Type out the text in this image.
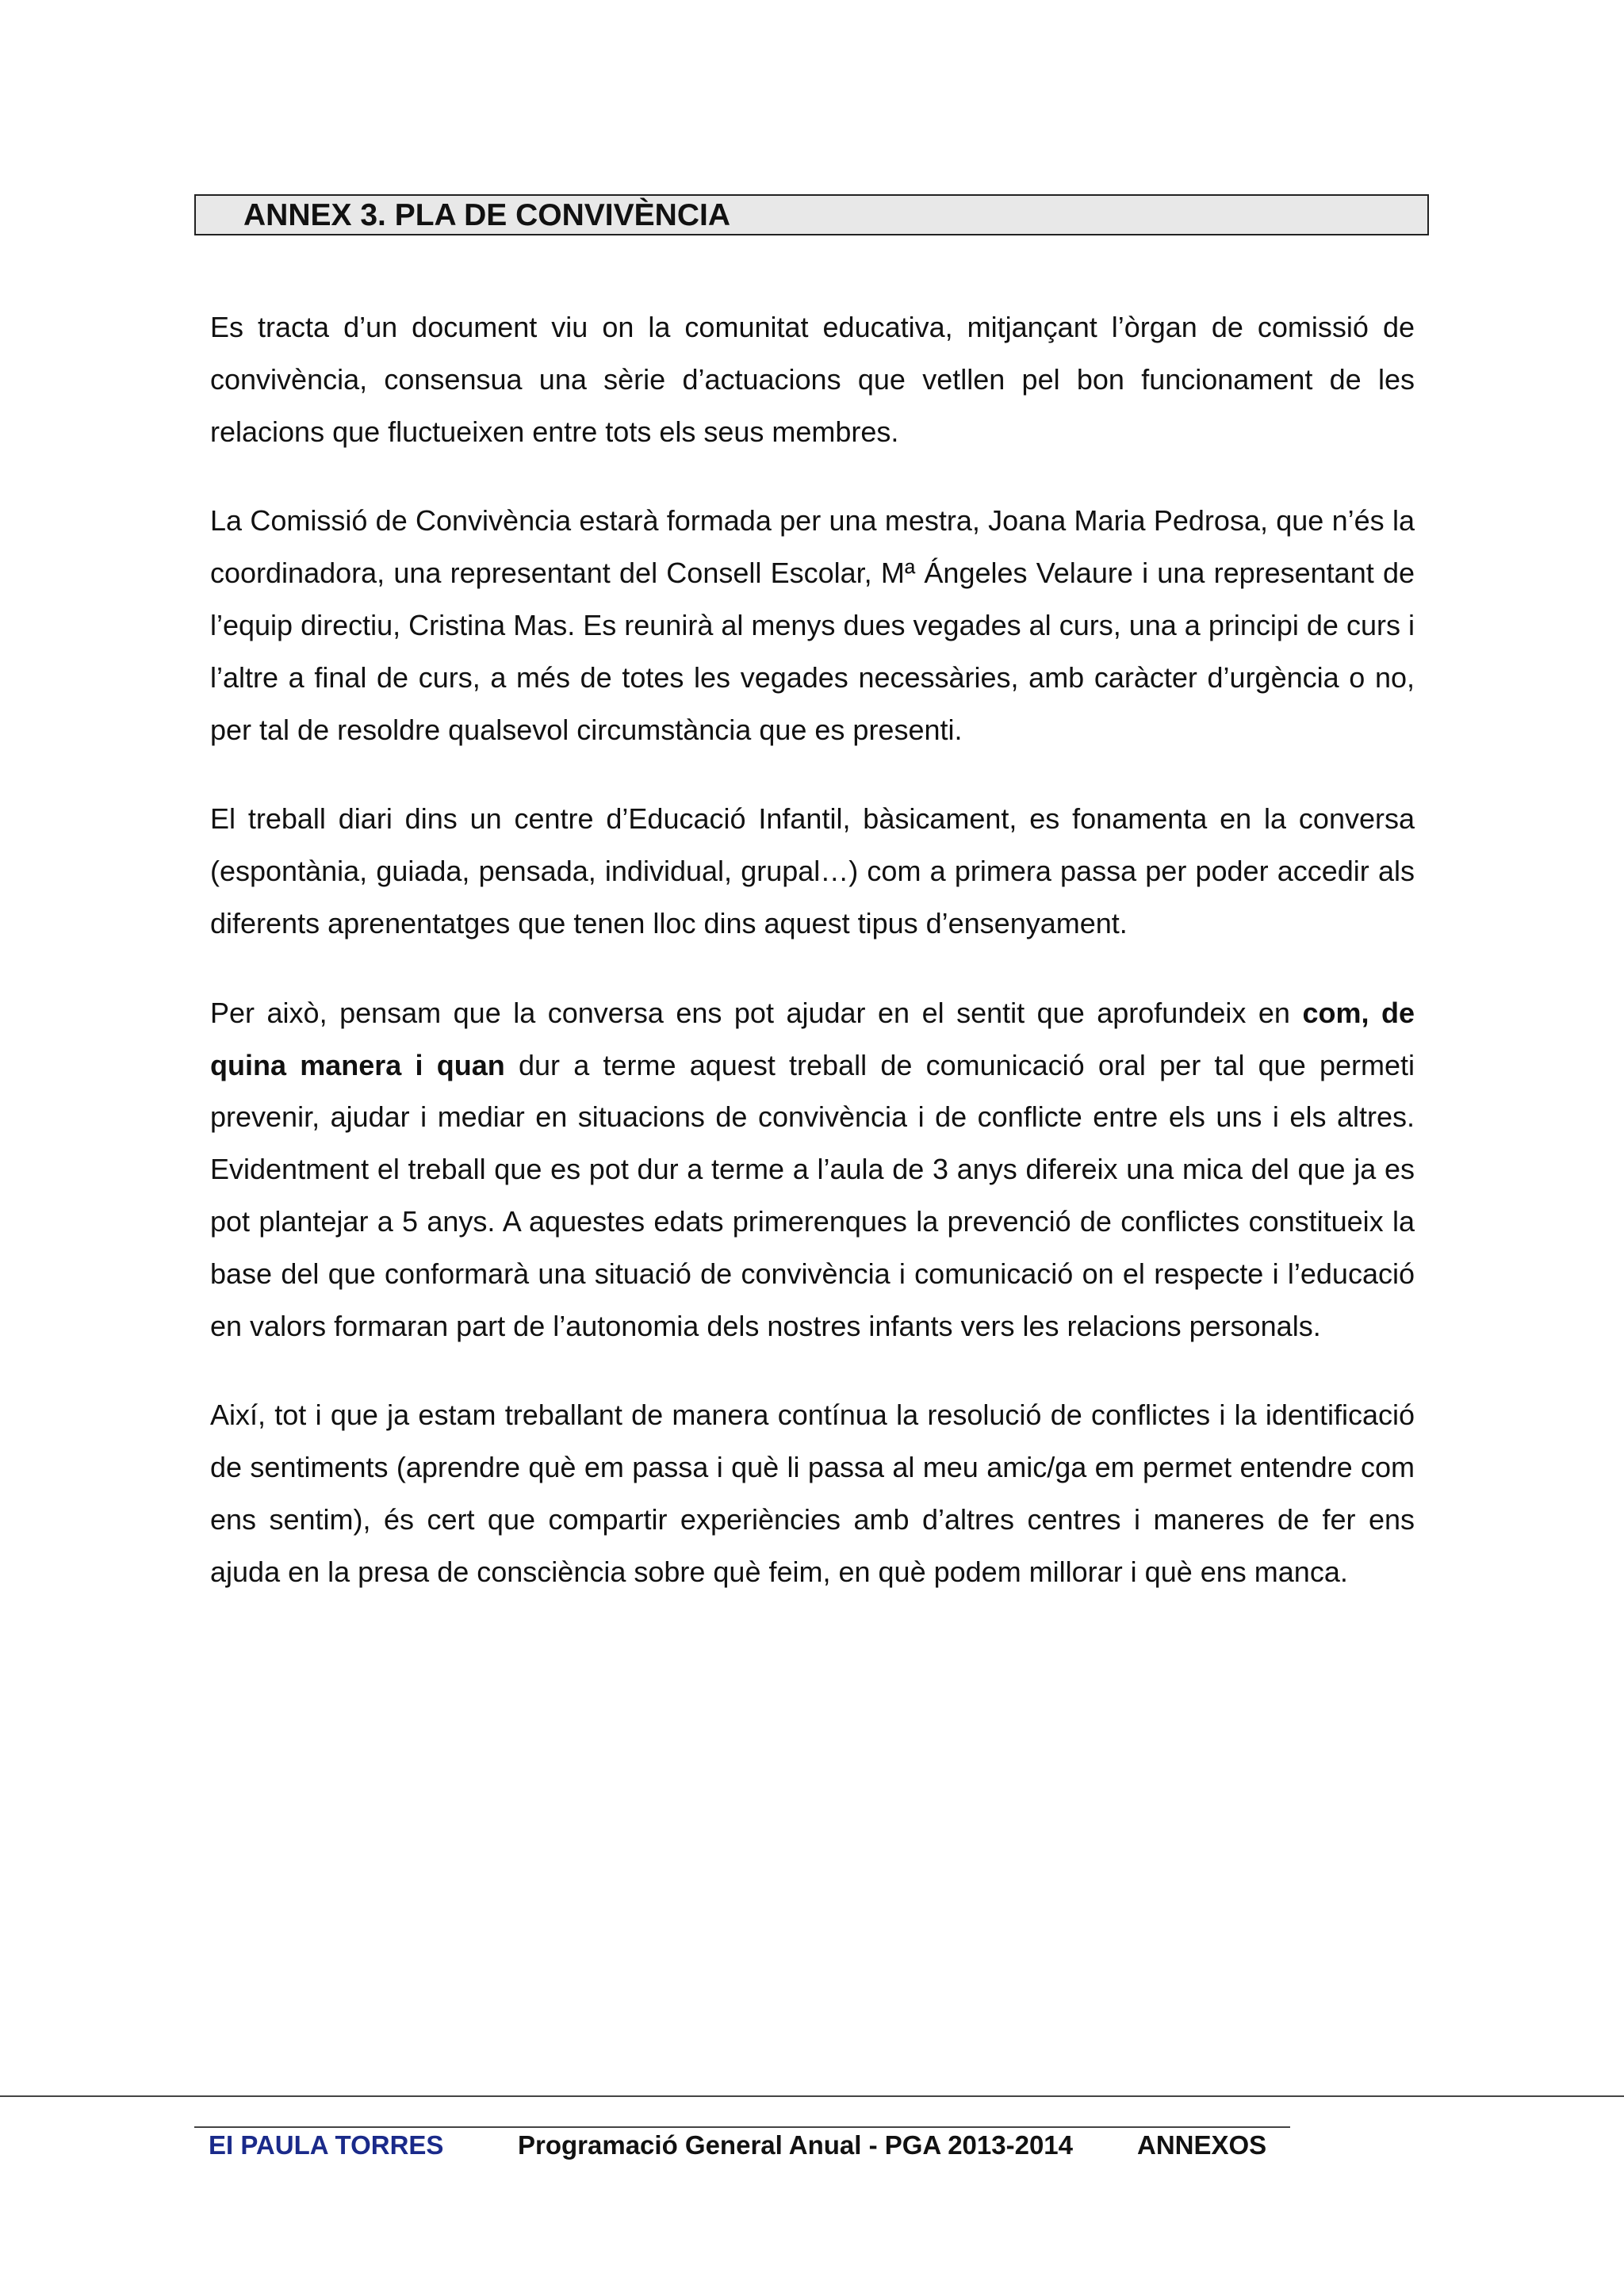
ANNEX 3. PLA DE CONVIVÈNCIA

Es tracta d’un document viu on la comunitat educativa, mitjançant l’òrgan de comissió de convivència, consensua una sèrie d’actuacions que vetllen pel bon funcionament de les relacions que fluctueixen entre tots els seus membres.

La Comissió de Convivència estarà formada per una mestra, Joana Maria Pedrosa, que n’és la coordinadora, una representant del Consell Escolar, Mª Ángeles Velaure i una representant de l’equip directiu, Cristina Mas. Es reunirà al menys dues vegades al curs, una a principi de curs i l’altre a final de curs, a més de totes les vegades necessàries, amb caràcter d’urgència o no, per tal de resoldre qualsevol circumstància que es presenti.

El treball diari dins un centre d’Educació Infantil, bàsicament, es fonamenta en la conversa (espontània, guiada, pensada, individual, grupal…) com a primera passa per poder accedir als diferents aprenentatges que tenen lloc dins aquest tipus d’ensenyament.

Per això, pensam que la conversa ens pot ajudar en el sentit que aprofundeix en com, de quina manera i quan dur a terme aquest treball de comunicació oral per tal que permeti prevenir, ajudar i mediar en situacions de convivència i de conflicte entre els uns i els altres. Evidentment el treball que es pot dur a terme a l’aula de 3 anys difereix una mica del que ja es pot plantejar a 5 anys. A aquestes edats primerenques la prevenció de conflictes constitueix la base del que conformarà una situació de convivència i comunicació on el respecte i l’educació en valors formaran part de l’autonomia dels nostres infants vers les relacions personals.

Així, tot i que ja estam treballant de manera contínua la resolució de conflictes i la identificació de sentiments (aprendre què em passa i què li passa al meu amic/ga em permet entendre com ens sentim), és cert que compartir experiències amb d’altres centres i maneres de fer ens ajuda en la presa de consciència sobre què feim, en què podem millorar i què ens manca.

EI PAULA TORRES	Programació General Anual - PGA 2013-2014 ANNEXOS
